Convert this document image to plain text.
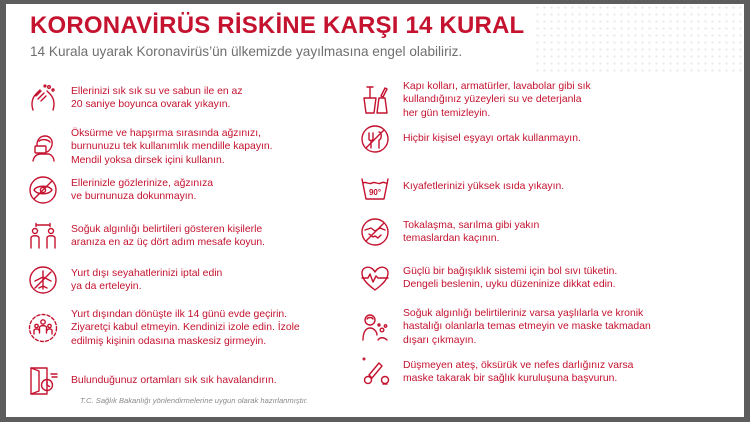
KORONAVİRÜS RİSKİNE KARŞI 14 KURAL

14 Kurala uyarak Koronavirüs’ün ülkemizde yayılmasına engel olabiliriz.

Ellerinizi sık sık su ve sabun ile en az
20 saniye boyunca ovarak yıkayın.
Öksürme ve hapşırma sırasında ağzınızı,
burnunuzu tek kullanımlık mendille kapayın.
Mendil yoksa dirsek içini kullanın.
Ellerinizle gözlerinize, ağzınıza
ve burnunuza dokunmayın.
Soğuk algınlığı belirtileri gösteren kişilerle
aranıza en az üç dört adım mesafe koyun.
Yurt dışı seyahatlerinizi iptal edin
ya da erteleyin.
Yurt dışından dönüşte ilk 14 günü evde geçirin.
Ziyaretçi kabul etmeyin. Kendinizi izole edin. İzole
edilmiş kişinin odasına maskesiz girmeyin.
Bulunduğunuz ortamları sık sık havalandırın.
Kapı kolları, armatürler, lavabolar gibi sık
kullandığınız yüzeyleri su ve deterjanla
her gün temizleyin.
Hiçbir kişisel eşyayı ortak kullanmayın.
90°
Kıyafetlerinizi yüksek ısıda yıkayın.
Tokalaşma, sarılma gibi yakın
temaslardan kaçının.
Güçlü bir bağışıklık sistemi için bol sıvı tüketin.
Dengeli beslenin, uyku düzeninize dikkat edin.
Soğuk algınlığı belirtileriniz varsa yaşlılarla ve kronik
hastalığı olanlarla temas etmeyin ve maske takmadan
dışarı çıkmayın.
Düşmeyen ateş, öksürük ve nefes darlığınız varsa
maske takarak bir sağlık kuruluşuna başvurun.

T.C. Sağlık Bakanlığı yönlendirmelerine uygun olarak hazırlanmıştır.
